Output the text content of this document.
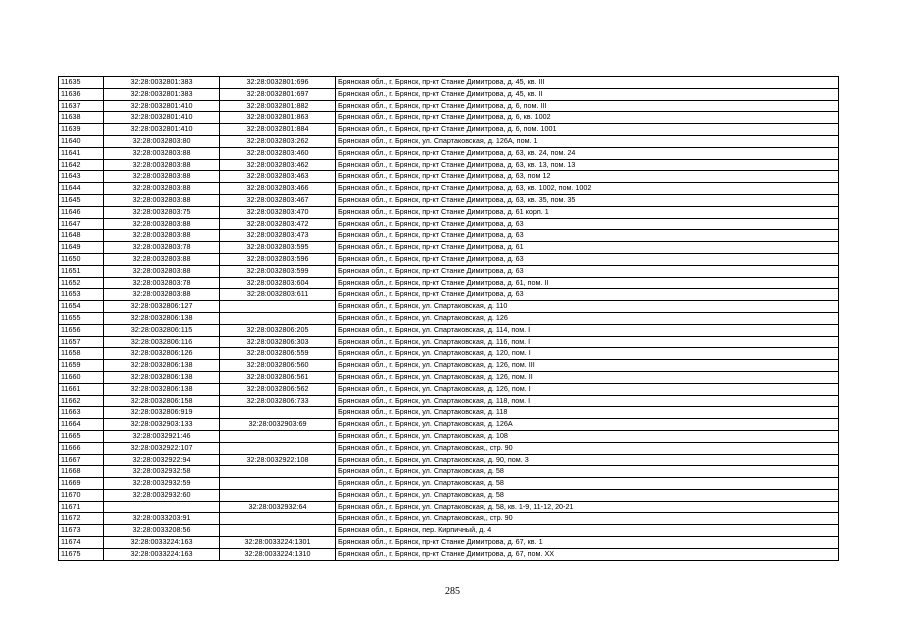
11635	32:28:0032801:383	32:28:0032801:696	Брянская обл., г. Брянск, пр-кт Станке Димитрова, д. 45, кв. III
11636	32:28:0032801:383	32:28:0032801:697	Брянская обл., г. Брянск, пр-кт Станке Димитрова, д. 45, кв. II
11637	32:28:0032801:410	32:28:0032801:882	Брянская обл., г. Брянск, пр-кт Станке Димитрова, д. 6, пом. III
11638	32:28:0032801:410	32:28:0032801:863	Брянская обл., г. Брянск, пр-кт Станке Димитрова, д. 6, кв. 1002
11639	32:28:0032801:410	32:28:0032801:884	Брянская обл., г. Брянск, пр-кт Станке Димитрова, д. 6, пом. 1001
11640	32:28:0032803:80	32:28:0032803:262	Брянская обл., г. Брянск, ул. Спартаковская, д. 126А, пом. 1
11641	32:28:0032803:88	32:28:0032803:460	Брянская обл., г. Брянск, пр-кт Станке Димитрова, д. 63, кв. 24, пом. 24
11642	32:28:0032803:88	32:28:0032803:462	Брянская обл., г. Брянск, пр-кт Станке Димитрова, д. 63, кв. 13, пом. 13
11643	32:28:0032803:88	32:28:0032803:463	Брянская обл., г. Брянск, пр-кт Станке Димитрова, д. 63, пом 12
11644	32:28:0032803:88	32:28:0032803:466	Брянская обл., г. Брянск, пр-кт Станке Димитрова, д. 63, кв. 1002, пом. 1002
11645	32:28:0032803:88	32:28:0032803:467	Брянская обл., г. Брянск, пр-кт Станке Димитрова, д. 63, кв. 35, пом. 35
11646	32:28:0032803:75	32:28:0032803:470	Брянская обл., г. Брянск, пр-кт Станке Димитрова, д. 61 корп. 1
11647	32:28:0032803:88	32:28:0032803:472	Брянская обл., г. Брянск, пр-кт Станке Димитрова, д. 63
11648	32:28:0032803:88	32:28:0032803:473	Брянская обл., г. Брянск, пр-кт Станке Димитрова, д. 63
11649	32:28:0032803:78	32:28:0032803:595	Брянская обл., г. Брянск, пр-кт Станке Димитрова, д. 61
11650	32:28:0032803:88	32:28:0032803:596	Брянская обл., г. Брянск, пр-кт Станке Димитрова, д. 63
11651	32:28:0032803:88	32:28:0032803:599	Брянская обл., г. Брянск, пр-кт Станке Димитрова, д. 63
11652	32:28:0032803:78	32:28:0032803:604	Брянская обл., г. Брянск, пр-кт Станке Димитрова, д. 61, пом. II
11653	32:28:0032803:88	32:28:0032803:611	Брянская обл., г. Брянск, пр-кт Станке Димитрова, д. 63
11654	32:28:0032806:127		Брянская обл., г. Брянск, ул. Спартаковская, д. 110
11655	32:28:0032806:138		Брянская обл., г. Брянск, ул. Спартаковская, д. 126
11656	32:28:0032806:115	32:28:0032806:205	Брянская обл., г. Брянск, ул. Спартаковская, д. 114, пом. I
11657	32:28:0032806:116	32:28:0032806:303	Брянская обл., г. Брянск, ул. Спартаковская, д. 116, пом. I
11658	32:28:0032806:126	32:28:0032806:559	Брянская обл., г. Брянск, ул. Спартаковская, д. 120, пом. I
11659	32:28:0032806:138	32:28:0032806:560	Брянская обл., г. Брянск, ул. Спартаковская, д. 126, пом. III
11660	32:28:0032806:138	32:28:0032806:561	Брянская обл., г. Брянск, ул. Спартаковская, д. 126, пом. II
11661	32:28:0032806:138	32:28:0032806:562	Брянская обл., г. Брянск, ул. Спартаковская, д. 126, пом. I
11662	32:28:0032806:158	32:28:0032806:733	Брянская обл., г. Брянск, ул. Спартаковская, д. 118, пом. I
11663	32:28:0032806:919		Брянская обл., г. Брянск, ул. Спартаковская, д. 118
11664	32:28:0032903:133	32:28:0032903:69	Брянская обл., г. Брянск, ул. Спартаковская, д. 126А
11665	32:28:0032921:46		Брянская обл., г. Брянск, ул. Спартаковская, д. 108
11666	32:28:0032922:107		Брянская обл., г. Брянск, ул. Спартаковская,, стр. 90
11667	32:28:0032922:94	32:28:0032922:108	Брянская обл., г. Брянск, ул. Спартаковская, д. 90, пом. 3
11668	32:28:0032932:58		Брянская обл., г. Брянск, ул. Спартаковская, д. 58
11669	32:28:0032932:59		Брянская обл., г. Брянск, ул. Спартаковская, д. 58
11670	32:28:0032932:60		Брянская обл., г. Брянск, ул. Спартаковская, д. 58
11671		32:28:0032932:64	Брянская обл., г. Брянск, ул. Спартаковская, д. 58, кв. 1-9, 11-12, 20-21
11672	32:28:0033203:91		Брянская обл., г. Брянск, ул. Спартаковская,, стр. 90
11673	32:28:0033208:56		Брянская обл., г. Брянск, пер. Кирпичный, д. 4
11674	32:28:0033224:163	32:28:0033224:1301	Брянская обл., г. Брянск, пр-кт Станке Димитрова, д. 67, кв. 1
11675	32:28:0033224:163	32:28:0033224:1310	Брянская обл., г. Брянск, пр-кт Станке Димитрова, д. 67, пом. XX
285
